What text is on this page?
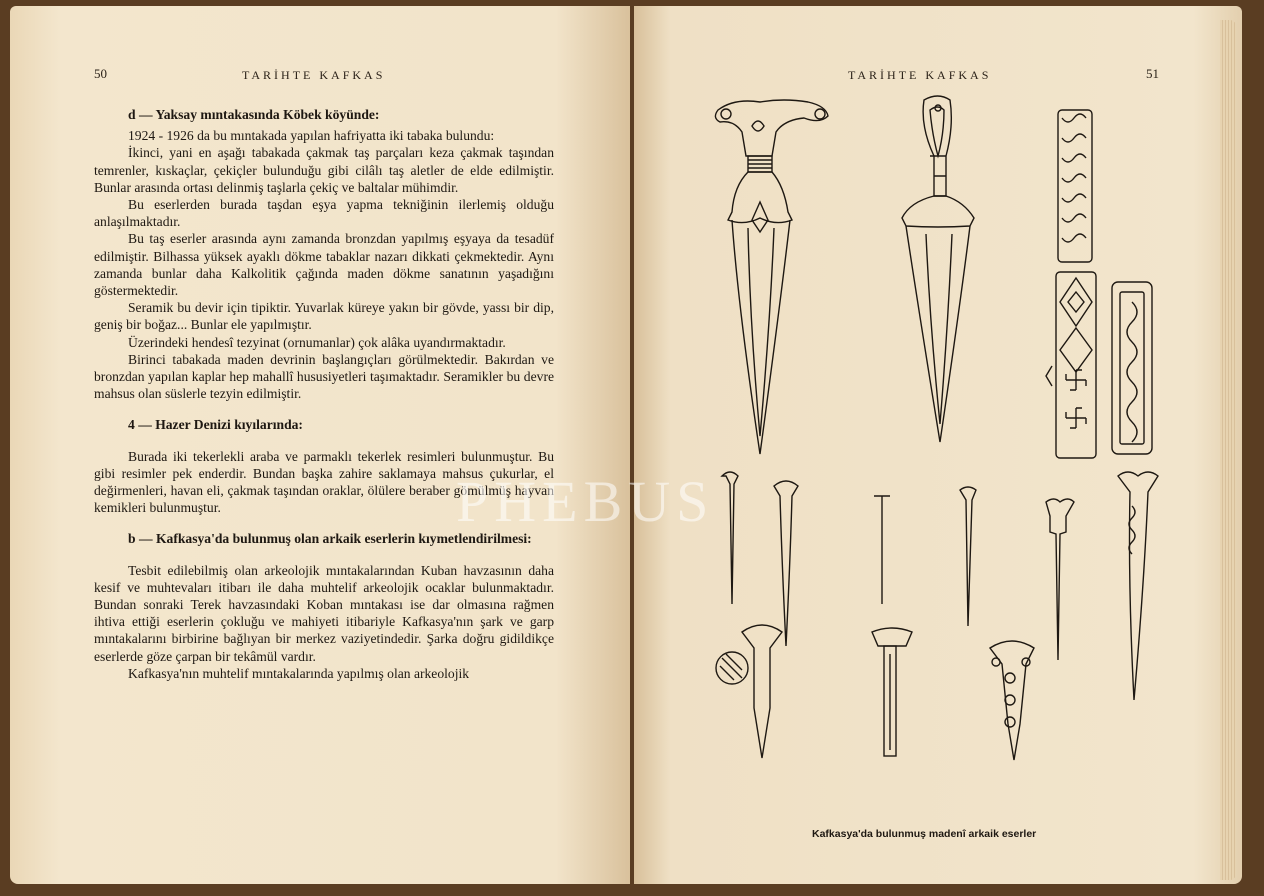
50	TARİHTE KAFKAS

d — Yaksay mıntakasında Köbek köyünde:

1924 - 1926 da bu mıntakada yapılan hafriyatta iki tabaka bulundu:

İkinci, yani en aşağı tabakada çakmak taş parçaları keza çakmak taşından temrenler, kıskaçlar, çekiçler bulunduğu gibi cilâlı taş aletler de elde edilmiştir. Bunlar arasında ortası delinmiş taşlarla çekiç ve baltalar mühimdir.

Bu eserlerden burada taşdan eşya yapma tekniğinin ilerlemiş olduğu anlaşılmaktadır.

Bu taş eserler arasında aynı zamanda bronzdan yapılmış eşyaya da tesadüf edilmiştir. Bilhassa yüksek ayaklı dökme tabaklar nazarı dikkati çekmektedir. Aynı zamanda bunlar daha Kalkolitik çağında maden dökme sanatının yaşadığını göstermektedir.

Seramik bu devir için tipiktir. Yuvarlak küreye yakın bir gövde, yassı bir dip, geniş bir boğaz... Bunlar ele yapılmıştır.

Üzerindeki hendesî tezyinat (ornumanlar) çok alâka uyandırmaktadır.

Birinci tabakada maden devrinin başlangıçları görülmektedir. Bakırdan ve bronzdan yapılan kaplar hep mahallî hususiyetleri taşımaktadır. Seramikler bu devre mahsus olan süslerle tezyin edilmiştir.

4 — Hazer Denizi kıyılarında:

Burada iki tekerlekli araba ve parmaklı tekerlek resimleri bulunmuştur. Bu gibi resimler pek enderdir. Bundan başka zahire saklamaya mahsus çukurlar, el değirmenleri, havan eli, çakmak taşından oraklar, ölülere beraber gömülmüş hayvan kemikleri bulunmuştur.

b — Kafkasya'da bulunmuş olan arkaik eserlerin kıymetlendirilmesi:

Tesbit edilebilmiş olan arkeolojik mıntakalarından Kuban havzasının daha kesif ve muhtevaları itibarı ile daha muhtelif arkeolojik ocaklar bulunmaktadır. Bundan sonraki Terek havzasındaki Koban mıntakası ise dar olmasına rağmen ihtiva ettiği eserlerin çokluğu ve mahiyeti itibariyle Kafkasya'nın şark ve garp mıntakalarını birbirine bağlıyan bir merkez vaziyetindedir. Şarka doğru gidildikçe eserlerde göze çarpan bir tekâmül vardır.

Kafkasya'nın muhtelif mıntakalarında yapılmış olan arkeolojik

TARİHTE KAFKAS	51
Kafkasya'da bulunmuş madenî arkaik eserler
PHEBUS
